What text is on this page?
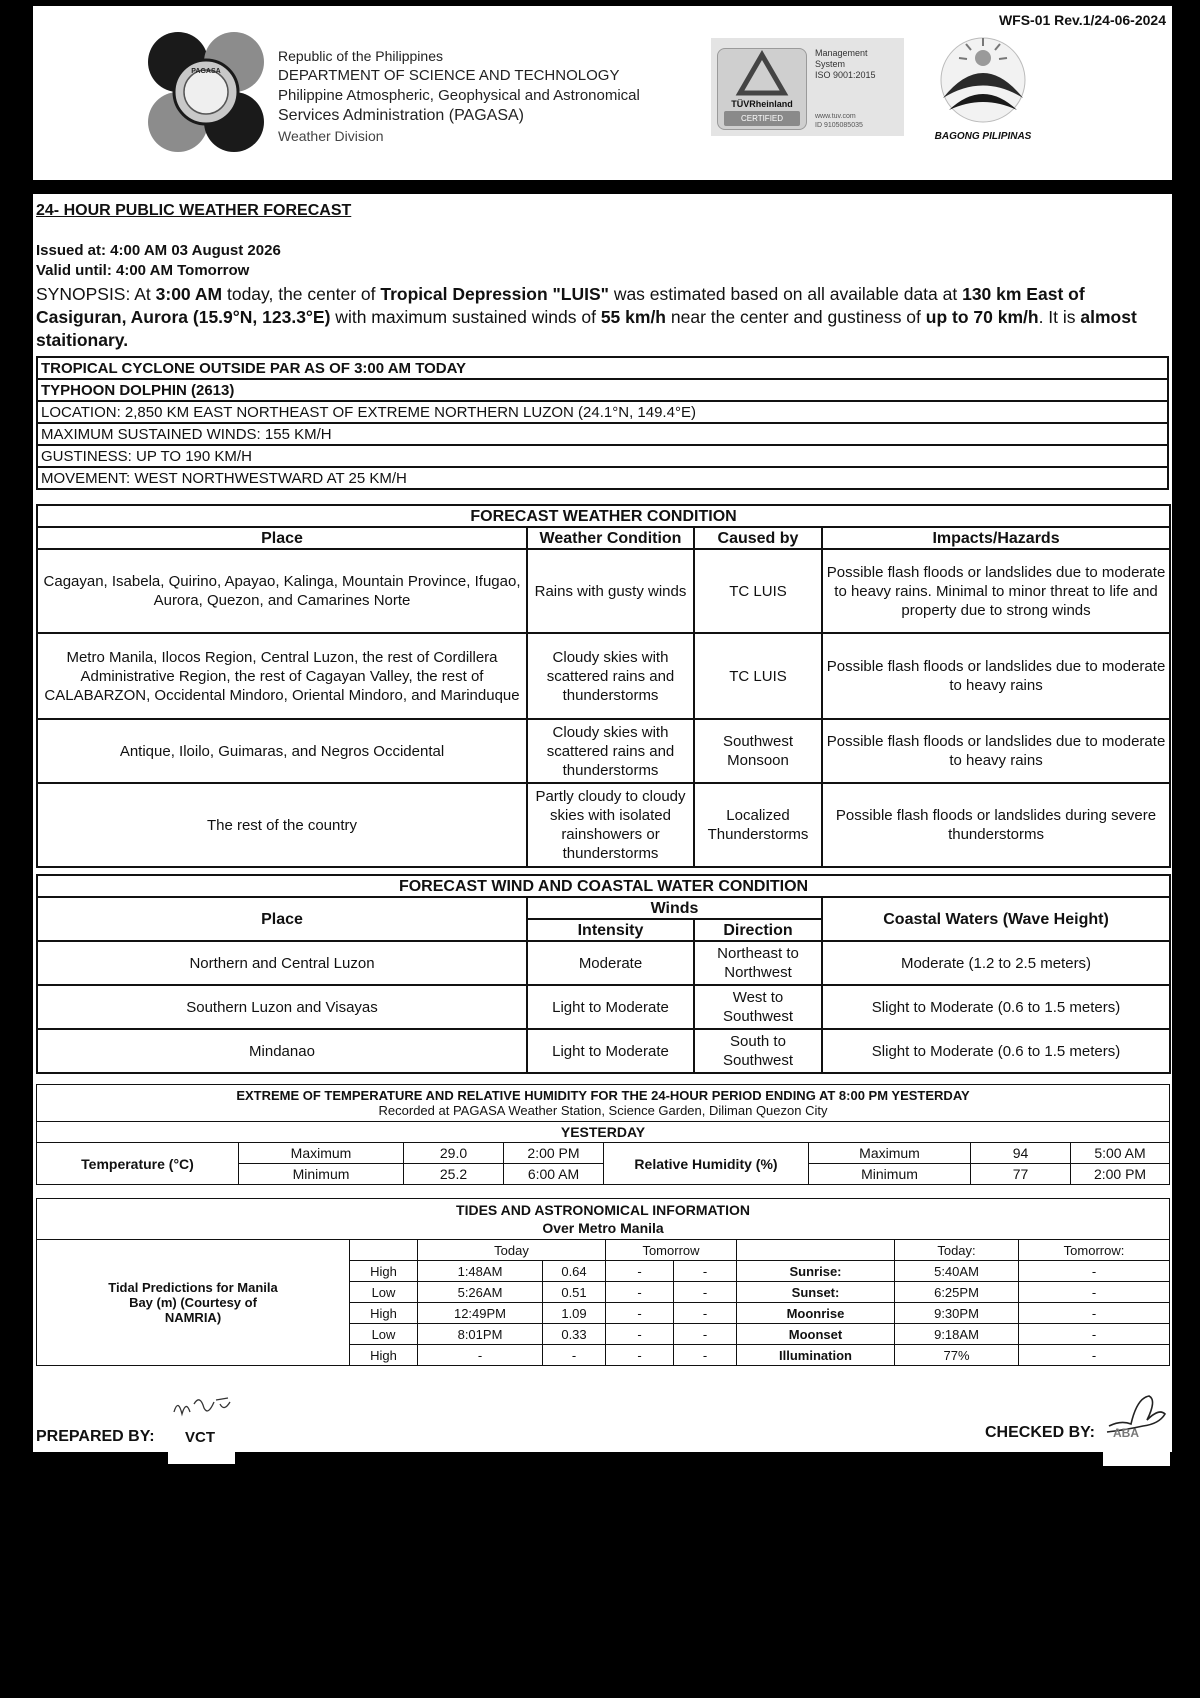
WFS-01 Rev.1/24-06-2024
PAGASA
Republic of the Philippines
DEPARTMENT OF SCIENCE AND TECHNOLOGY
Philippine Atmospheric, Geophysical and Astronomical
Services Administration (PAGASA)
Weather Division
TÜVRheinland
CERTIFIED
Management
System
ISO 9001:2015
www.tuv.com
ID 9105085035
BAGONG PILIPINAS
24- HOUR PUBLIC WEATHER FORECAST
Issued at: 4:00 AM 03 August 2026
Valid until: 4:00 AM Tomorrow
SYNOPSIS: At 3:00 AM today, the center of Tropical Depression "LUIS" was estimated based on all available data at 130 km East of Casiguran, Aurora (15.9°N, 123.3°E) with maximum sustained winds of 55 km/h near the center and gustiness of up to 70 km/h. It is almost staitionary.
TROPICAL CYCLONE OUTSIDE PAR AS OF 3:00 AM TODAY
TYPHOON DOLPHIN (2613)
LOCATION: 2,850 KM EAST NORTHEAST OF EXTREME NORTHERN LUZON (24.1°N, 149.4°E)
MAXIMUM SUSTAINED WINDS: 155 KM/H
GUSTINESS: UP TO 190 KM/H
MOVEMENT: WEST NORTHWESTWARD AT 25 KM/H
FORECAST WEATHER CONDITION			
Place	Weather Condition	Caused by	Impacts/Hazards
Cagayan, Isabela, Quirino, Apayao, Kalinga, Mountain Province, Ifugao, Aurora, Quezon, and Camarines Norte	Rains with gusty winds	TC LUIS	Possible flash floods or landslides due to moderate to heavy rains. Minimal to minor threat to life and property due to strong winds
Metro Manila, Ilocos Region, Central Luzon, the rest of Cordillera Administrative Region, the rest of Cagayan Valley, the rest of CALABARZON, Occidental Mindoro, Oriental Mindoro, and Marinduque	Cloudy skies with scattered rains and thunderstorms	TC LUIS	Possible flash floods or landslides due to moderate to heavy rains
Antique, Iloilo, Guimaras, and Negros Occidental	Cloudy skies with scattered rains and thunderstorms	Southwest Monsoon	Possible flash floods or landslides due to moderate to heavy rains
The rest of the country	Partly cloudy to cloudy skies with isolated rainshowers or thunderstorms	Localized Thunderstorms	Possible flash floods or landslides during severe thunderstorms
FORECAST WIND AND COASTAL WATER CONDITION			
Place	Winds		Coastal Waters (Wave Height)
	Intensity	Direction	
Northern and Central Luzon	Moderate	Northeast to Northwest	Moderate (1.2 to 2.5 meters)
Southern Luzon and Visayas	Light to Moderate	West to Southwest	Slight to Moderate (0.6 to 1.5 meters)
Mindanao	Light to Moderate	South to Southwest	Slight to Moderate (0.6 to 1.5 meters)
EXTREME OF TEMPERATURE AND RELATIVE HUMIDITY FOR THE 24-HOUR PERIOD ENDING AT 8:00 PM YESTERDAY
Recorded at PAGASA Weather Station, Science Garden, Diliman Quezon City							

YESTERDAY							
Temperature (°C)	Maximum	29.0	2:00 PM	Relative Humidity (%)	Maximum	94	5:00 AM
	Minimum	25.2	6:00 AM		Minimum	77	2:00 PM
TIDES AND ASTRONOMICAL INFORMATION
Over Metro Manila								

Tidal Predictions for Manila Bay (m) (Courtesy of NAMRIA)		Today		Tomorrow			Today:	Tomorrow:
	High	1:48AM	0.64	-	-	Sunrise:	5:40AM	-
	Low	5:26AM	0.51	-	-	Sunset:	6:25PM	-
	High	12:49PM	1.09	-	-	Moonrise	9:30PM	-
	Low	8:01PM	0.33	-	-	Moonset	9:18AM	-
	High	-	-	-	-	Illumination	77%	-
PREPARED BY: VCT	CHECKED BY: ABA
